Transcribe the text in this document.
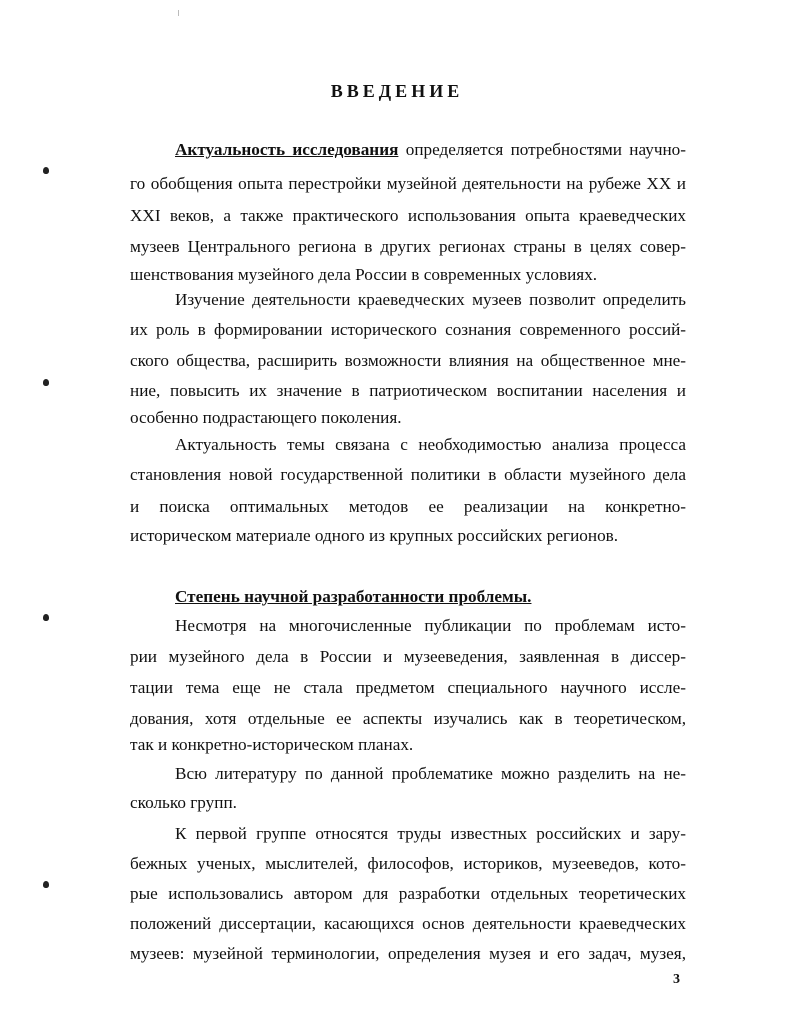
ВВЕДЕНИЕ
Актуальность исследования определяется потребностями научно-
го обобщения опыта перестройки музейной деятельности на рубеже XX и
XXI веков, а также практического использования опыта краеведческих
музеев Центрального региона в других регионах страны в целях совер-
шенствования музейного дела России в современных условиях.
Изучение деятельности краеведческих музеев позволит определить
их роль в формировании исторического сознания современного россий-
ского общества, расширить возможности влияния на общественное мне-
ние, повысить их значение в патриотическом воспитании населения и
особенно подрастающего поколения.
Актуальность темы связана с необходимостью анализа процесса
становления новой государственной политики в области музейного дела
и поиска оптимальных методов ее реализации на конкретно-
историческом материале одного из крупных российских регионов.
Степень научной разработанности проблемы.
Несмотря на многочисленные публикации по проблемам исто-
рии музейного дела в России и музееведения, заявленная в диссер-
тации тема еще не стала предметом специального научного иссле-
дования, хотя отдельные ее аспекты изучались как в теоретическом,
так и конкретно-историческом планах.
Всю литературу по данной проблематике можно разделить на не-
сколько групп.
К первой группе относятся труды известных российских и зару-
бежных ученых, мыслителей, философов, историков, музееведов, кото-
рые использовались автором для разработки отдельных теоретических
положений диссертации, касающихся основ деятельности краеведческих
музеев: музейной терминологии, определения музея и его задач, музея,
3
